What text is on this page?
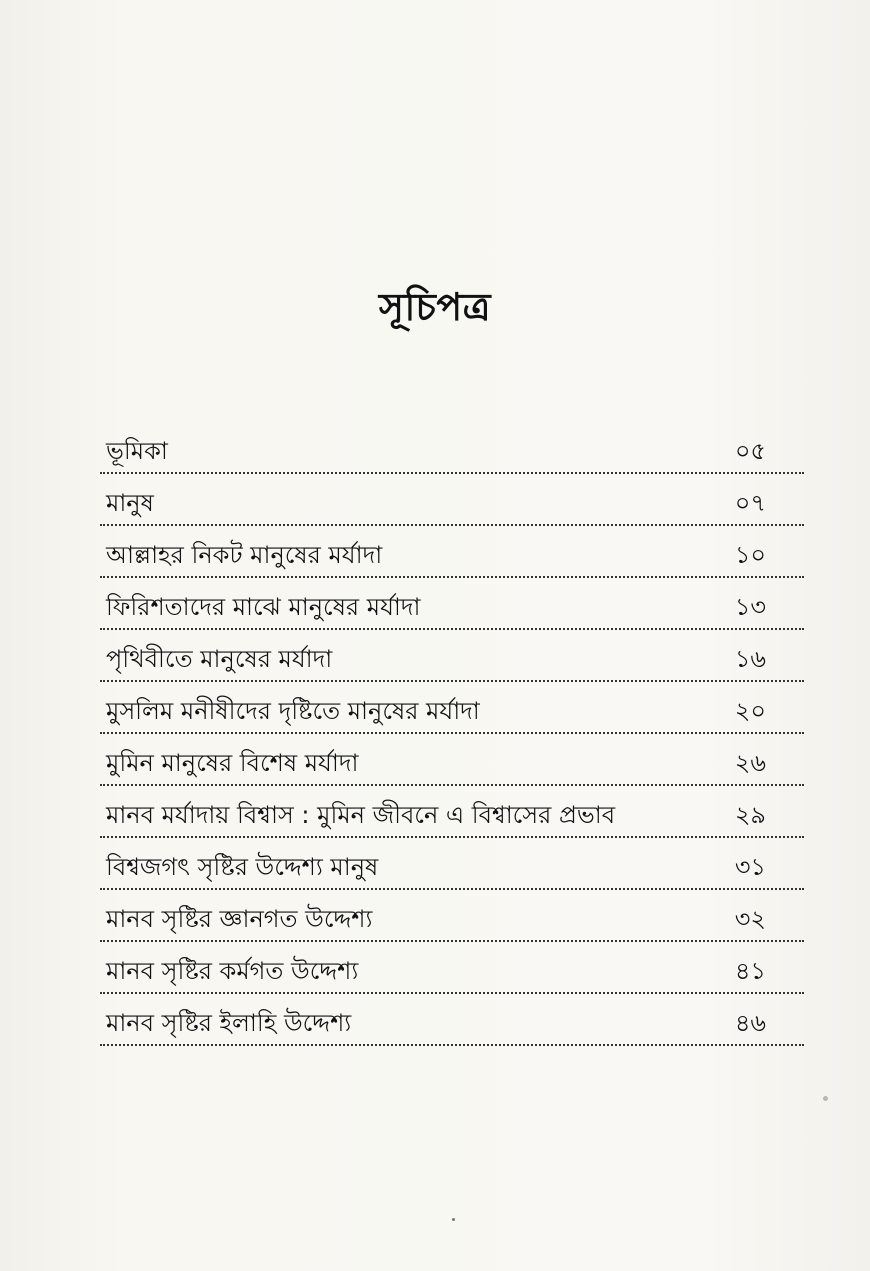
সূচিপত্র
ভূমিকা	০৫
মানুষ	০৭
আল্লাহর নিকট মানুষের মর্যাদা	১০
ফিরিশতাদের মাঝে মানুষের মর্যাদা	১৩
পৃথিবীতে মানুষের মর্যাদা	১৬
মুসলিম মনীষীদের দৃষ্টিতে মানুষের মর্যাদা	২০
মুমিন মানুষের বিশেষ মর্যাদা	২৬
মানব মর্যাদায় বিশ্বাস : মুমিন জীবনে এ বিশ্বাসের প্রভাব	২৯
বিশ্বজগৎ সৃষ্টির উদ্দেশ্য মানুষ	৩১
মানব সৃষ্টির জ্ঞানগত উদ্দেশ্য	৩২
মানব সৃষ্টির কর্মগত উদ্দেশ্য	৪১
মানব সৃষ্টির ইলাহি উদ্দেশ্য	৪৬
